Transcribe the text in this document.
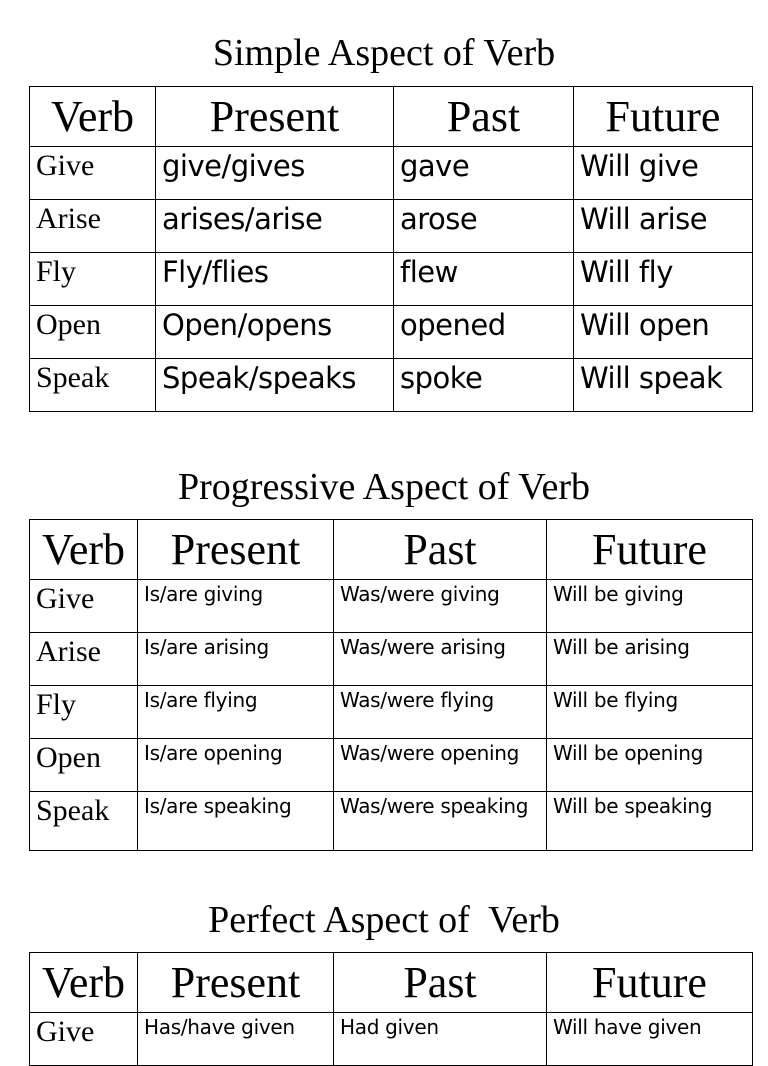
Simple Aspect of Verb
Verb	Present	Past	Future
Give	give/gives	gave	Will give
Arise	arises/arise	arose	Will arise
Fly	Fly/flies	flew	Will fly
Open	Open/opens	opened	Will open
Speak	Speak/speaks	spoke	Will speak
Progressive Aspect of Verb
Verb	Present	Past	Future
Give	Is/are giving	Was/were giving	Will be giving
Arise	Is/are arising	Was/were arising	Will be arising
Fly	Is/are flying	Was/were flying	Will be flying
Open	Is/are opening	Was/were opening	Will be opening
Speak	Is/are speaking	Was/were speaking	Will be speaking
Perfect Aspect of  Verb
Verb	Present	Past	Future
Give	Has/have given	Had given	Will have given
